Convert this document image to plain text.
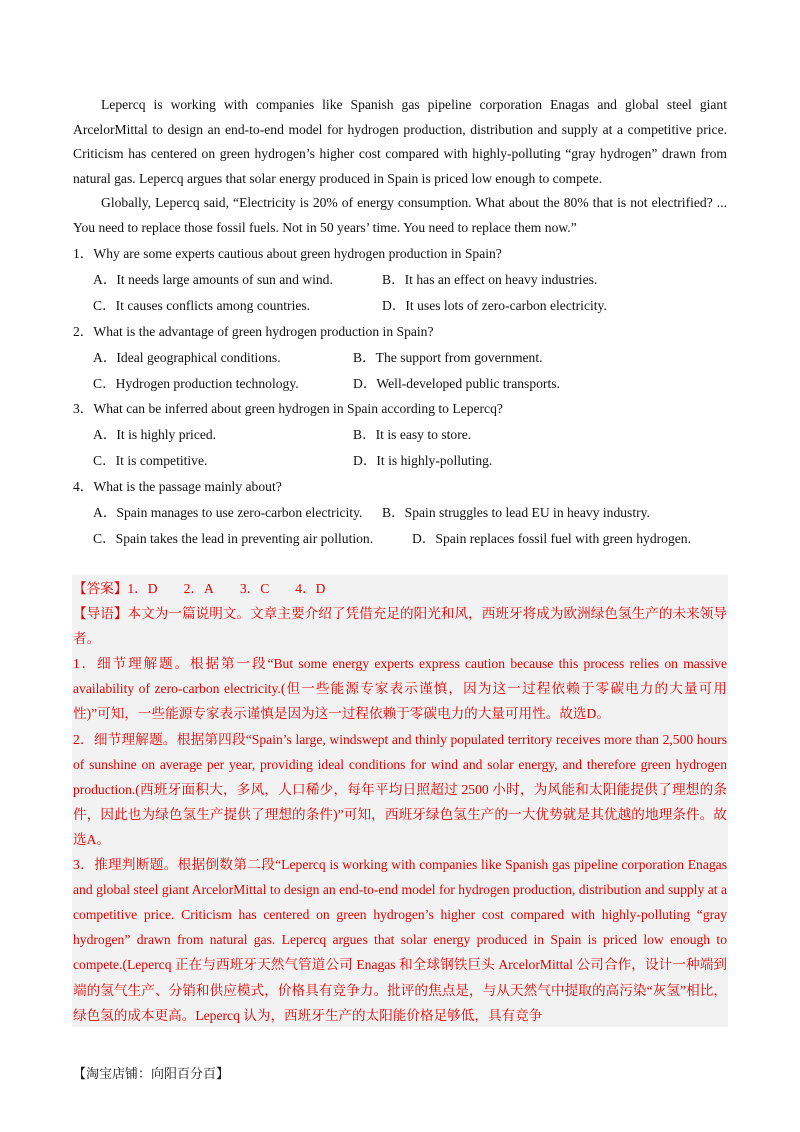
Lepercq is working with companies like Spanish gas pipeline corporation Enagas and global steel giant ArcelorMittal to design an end-to-end model for hydrogen production, distribution and supply at a competitive price. Criticism has centered on green hydrogen’s higher cost compared with highly-polluting “gray hydrogen” drawn from natural gas. Lepercq argues that solar energy produced in Spain is priced low enough to compete.

Globally, Lepercq said, “Electricity is 20% of energy consumption. What about the 80% that is not electrified? ... You need to replace those fossil fuels. Not in 50 years’ time. You need to replace them now.”

1．Why are some experts cautious about green hydrogen production in Spain?
A．It needs large amounts of sun and wind.	B．It has an effect on heavy industries.
C．It causes conflicts among countries.	D．It uses lots of zero-carbon electricity.
2．What is the advantage of green hydrogen production in Spain?
A．Ideal geographical conditions.	B．The support from government.
C．Hydrogen production technology.	D．Well-developed public transports.
3．What can be inferred about green hydrogen in Spain according to Lepercq?
A．It is highly priced.	B．It is easy to store.
C．It is competitive.	D．It is highly-polluting.
4．What is the passage mainly about?
A．Spain manages to use zero-carbon electricity.	B．Spain struggles to lead EU in heavy industry.
C．Spain takes the lead in preventing air pollution.	D．Spain replaces fossil fuel with green hydrogen.

【答案】1．D 2．A 3．C 4．D

【导语】本文为一篇说明文。文章主要介绍了凭借充足的阳光和风，西班牙将成为欧洲绿色氢生产的未来领导者。

1．细节理解题。根据第一段“But some energy experts express caution because this process relies on massive availability of zero-carbon electricity.(但一些能源专家表示谨慎，因为这一过程依赖于零碳电力的大量可用性)”可知，一些能源专家表示谨慎是因为这一过程依赖于零碳电力的大量可用性。故选D。

2．细节理解题。根据第四段“Spain’s large, windswept and thinly populated territory receives more than 2,500 hours of sunshine on average per year, providing ideal conditions for wind and solar energy, and therefore green hydrogen production.(西班牙面积大，多风，人口稀少，每年平均日照超过 2500 小时，为风能和太阳能提供了理想的条件，因此也为绿色氢生产提供了理想的条件)”可知，西班牙绿色氢生产的一大优势就是其优越的地理条件。故选A。

3．推理判断题。根据倒数第二段“Lepercq is working with companies like Spanish gas pipeline corporation Enagas and global steel giant ArcelorMittal to design an end-to-end model for hydrogen production, distribution and supply at a competitive price. Criticism has centered on green hydrogen’s higher cost compared with highly-polluting “gray hydrogen” drawn from natural gas. Lepercq argues that solar energy produced in Spain is priced low enough to compete.(Lepercq 正在与西班牙天然气管道公司 Enagas 和全球钢铁巨头 ArcelorMittal 公司合作，设计一种端到端的氢气生产、分销和供应模式，价格具有竞争力。批评的焦点是，与从天然气中提取的高污染“灰氢”相比，绿色氢的成本更高。Lepercq 认为，西班牙生产的太阳能价格足够低，具有竞争

【淘宝店铺：向阳百分百】
